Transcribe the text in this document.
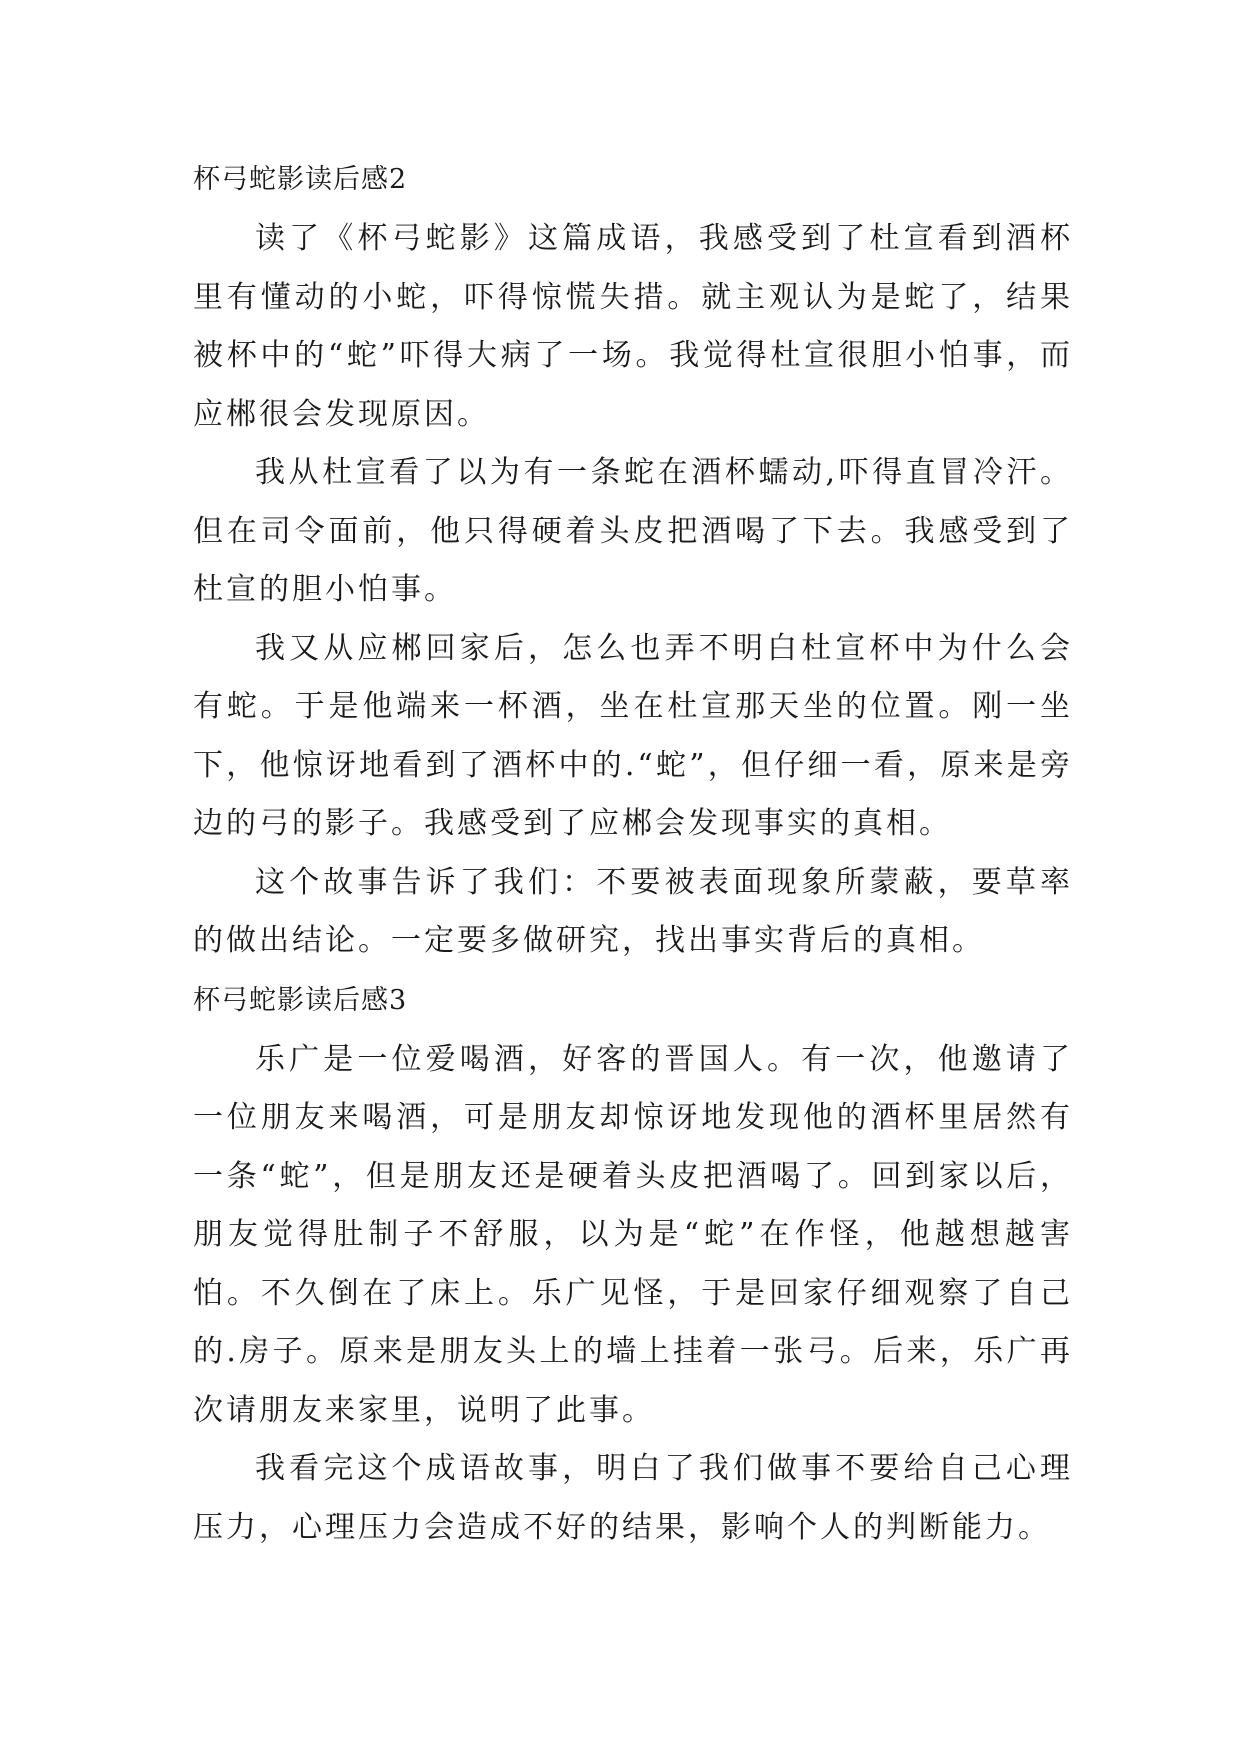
杯弓蛇影读后感2

读了《杯弓蛇影》这篇成语，我感受到了杜宣看到酒杯里有懂动的小蛇，吓得惊慌失措。就主观认为是蛇了，结果被杯中的“蛇”吓得大病了一场。我觉得杜宣很胆小怕事，而应郴很会发现原因。

我从杜宣看了以为有一条蛇在酒杯蠕动,吓得直冒冷汗。但在司令面前，他只得硬着头皮把酒喝了下去。我感受到了杜宣的胆小怕事。

我又从应郴回家后，怎么也弄不明白杜宣杯中为什么会有蛇。于是他端来一杯酒，坐在杜宣那天坐的位置。刚一坐下，他惊讶地看到了酒杯中的.“蛇”，但仔细一看，原来是旁边的弓的影子。我感受到了应郴会发现事实的真相。

这个故事告诉了我们：不要被表面现象所蒙蔽，要草率的做出结论。一定要多做研究，找出事实背后的真相。

杯弓蛇影读后感3

乐广是一位爱喝酒，好客的晋国人。有一次，他邀请了一位朋友来喝酒，可是朋友却惊讶地发现他的酒杯里居然有一条“蛇”，但是朋友还是硬着头皮把酒喝了。回到家以后，朋友觉得肚制子不舒服，以为是“蛇”在作怪，他越想越害怕。不久倒在了床上。乐广见怪，于是回家仔细观察了自己的.房子。原来是朋友头上的墙上挂着一张弓。后来，乐广再次请朋友来家里，说明了此事。

我看完这个成语故事，明白了我们做事不要给自己心理压力，心理压力会造成不好的结果，影响个人的判断能力。
